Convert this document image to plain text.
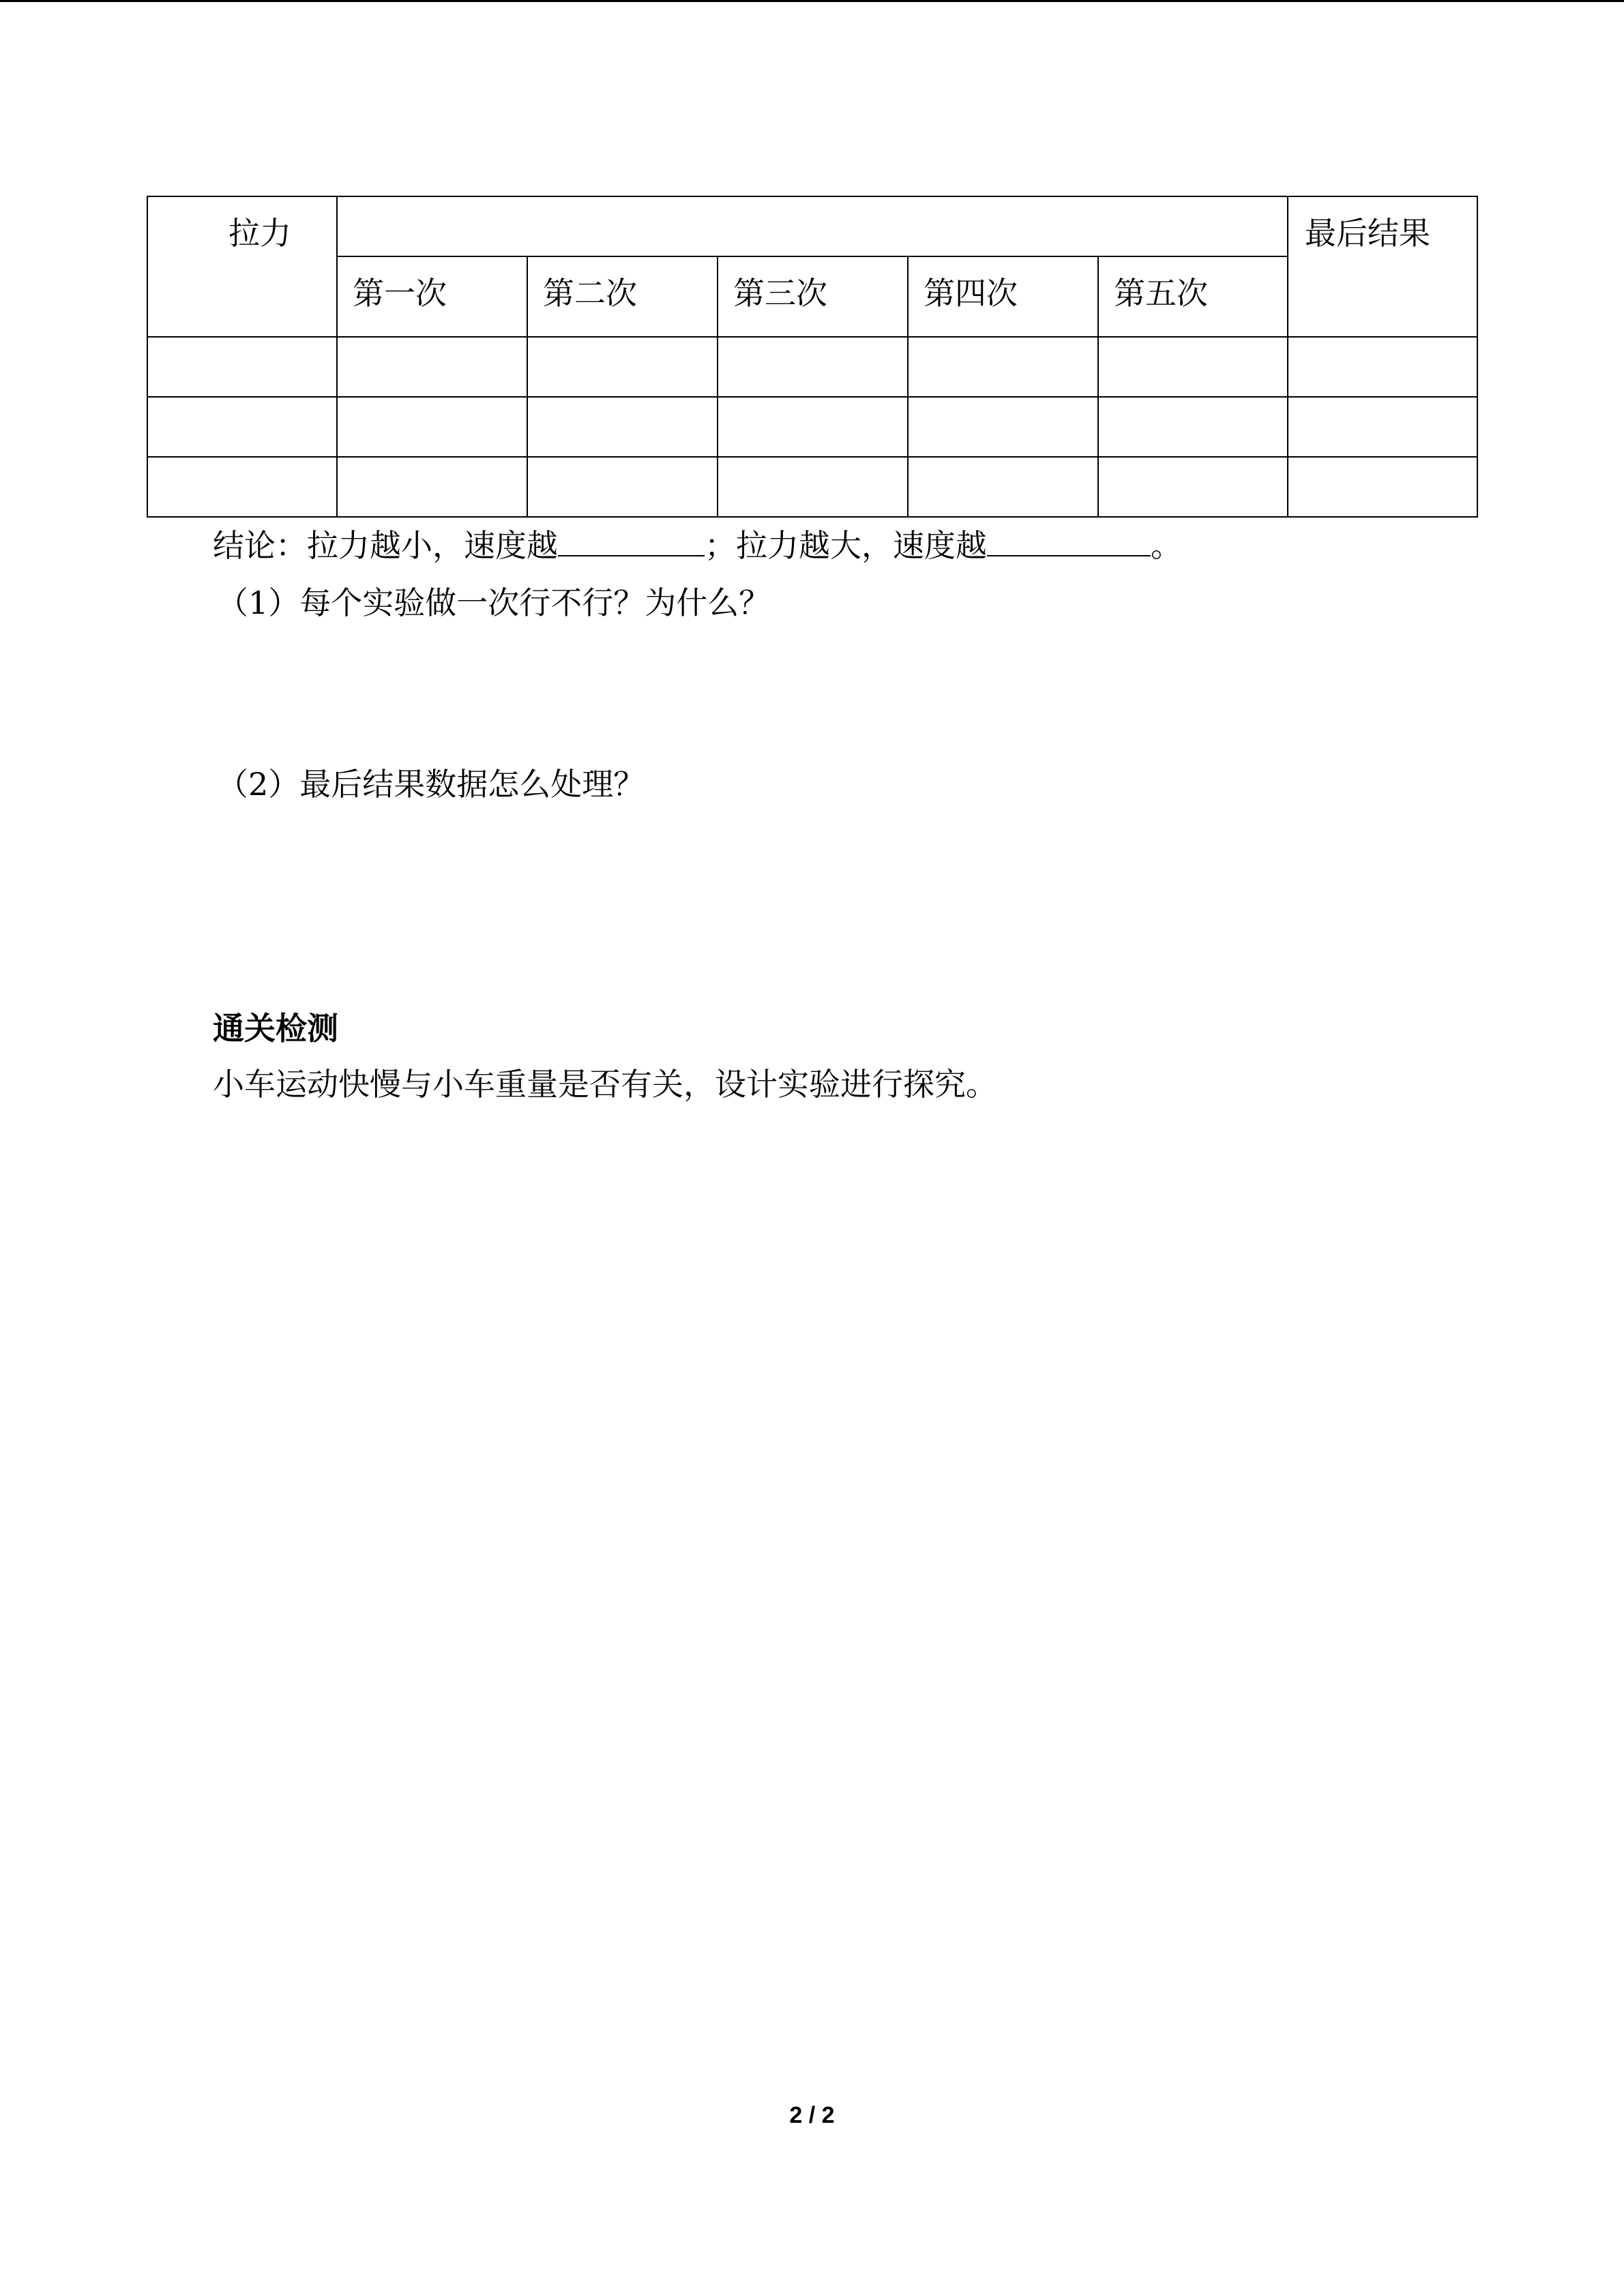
拉力						最后结果
	第一次	第二次	第三次	第四次	第五次	

结论：拉力越小，速度越	；拉力越大，速度越	。
（1）每个实验做一次行不行？为什么？
（2）最后结果数据怎么处理？
通关检测
小车运动快慢与小车重量是否有关，设计实验进行探究。
2 / 2
